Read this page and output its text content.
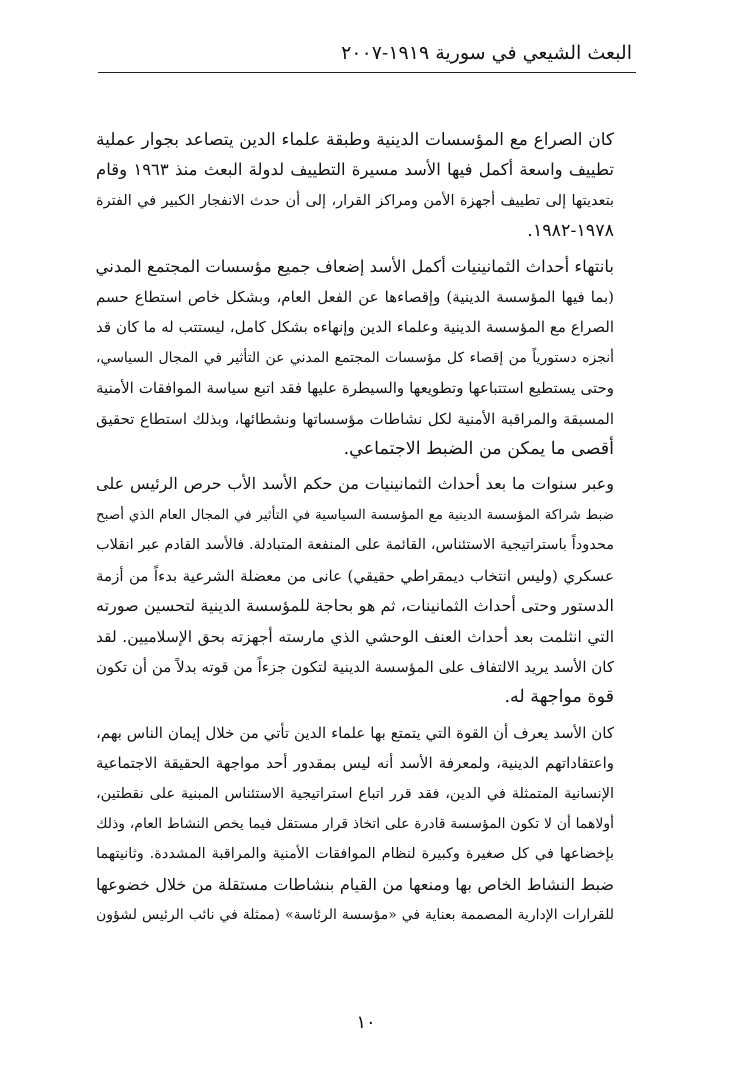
البعث الشيعي في سورية ١٩١٩-٢٠٠٧

كان الصراع مع المؤسسات الدينية وطبقة علماء الدين يتصاعد بجوار عملية
تطييف واسعة أكمل فيها الأسد مسيرة التطييف لدولة البعث منذ ١٩٦٣ وقام
بتعديتها إلى تطييف أجهزة الأمن ومراكز القرار، إلى أن حدث الانفجار الكبير في الفترة
١٩٧٨-١٩٨٢.

بانتهاء أحداث الثمانينيات أكمل الأسد إضعاف جميع مؤسسات المجتمع المدني
(بما فيها المؤسسة الدينية) وإقصاءها عن الفعل العام، وبشكل خاص استطاع حسم
الصراع مع المؤسسة الدينية وعلماء الدين وإنهاءه بشكل كامل، ليستتب له ما كان قد
أنجزه دستورياً من إقصاء كل مؤسسات المجتمع المدني عن التأثير في المجال السياسي،
وحتى يستطيع استتباعها وتطويعها والسيطرة عليها فقد اتبع سياسة الموافقات الأمنية
المسبقة والمراقبة الأمنية لكل نشاطات مؤسساتها ونشطائها، وبذلك استطاع تحقيق
أقصى ما يمكن من الضبط الاجتماعي.

وعبر سنوات ما بعد أحداث الثمانينيات من حكم الأسد الأب حرص الرئيس على
ضبط شراكة المؤسسة الدينية مع المؤسسة السياسية في التأثير في المجال العام الذي أصبح
محدوداً باستراتيجية الاستئناس، القائمة على المنفعة المتبادلة. فالأسد القادم عبر انقلاب
عسكري (وليس انتخاب ديمقراطي حقيقي) عانى من معضلة الشرعية بدءاً من أزمة
الدستور وحتى أحداث الثمانينات، ثم هو بحاجة للمؤسسة الدينية لتحسين صورته
التي انثلمت بعد أحداث العنف الوحشي الذي مارسته أجهزته بحق الإسلاميين. لقد
كان الأسد يريد الالتفاف على المؤسسة الدينية لتكون جزءاً من قوته بدلاً من أن تكون
قوة مواجهة له.

كان الأسد يعرف أن القوة التي يتمتع بها علماء الدين تأتي من خلال إيمان الناس بهم،
واعتقاداتهم الدينية، ولمعرفة الأسد أنه ليس بمقدور أحد مواجهة الحقيقة الاجتماعية
الإنسانية المتمثلة في الدين، فقد قرر اتباع استراتيجية الاستئناس المبنية على نقطتين،
أولاهما أن لا تكون المؤسسة قادرة على اتخاذ قرار مستقل فيما يخص النشاط العام، وذلك
بإخضاعها في كل صغيرة وكبيرة لنظام الموافقات الأمنية والمراقبة المشددة. وثانيتهما
ضبط النشاط الخاص بها ومنعها من القيام بنشاطات مستقلة من خلال خضوعها
للقرارات الإدارية المصممة بعناية في «مؤسسة الرئاسة» (ممثلة في نائب الرئيس لشؤون

١٠
